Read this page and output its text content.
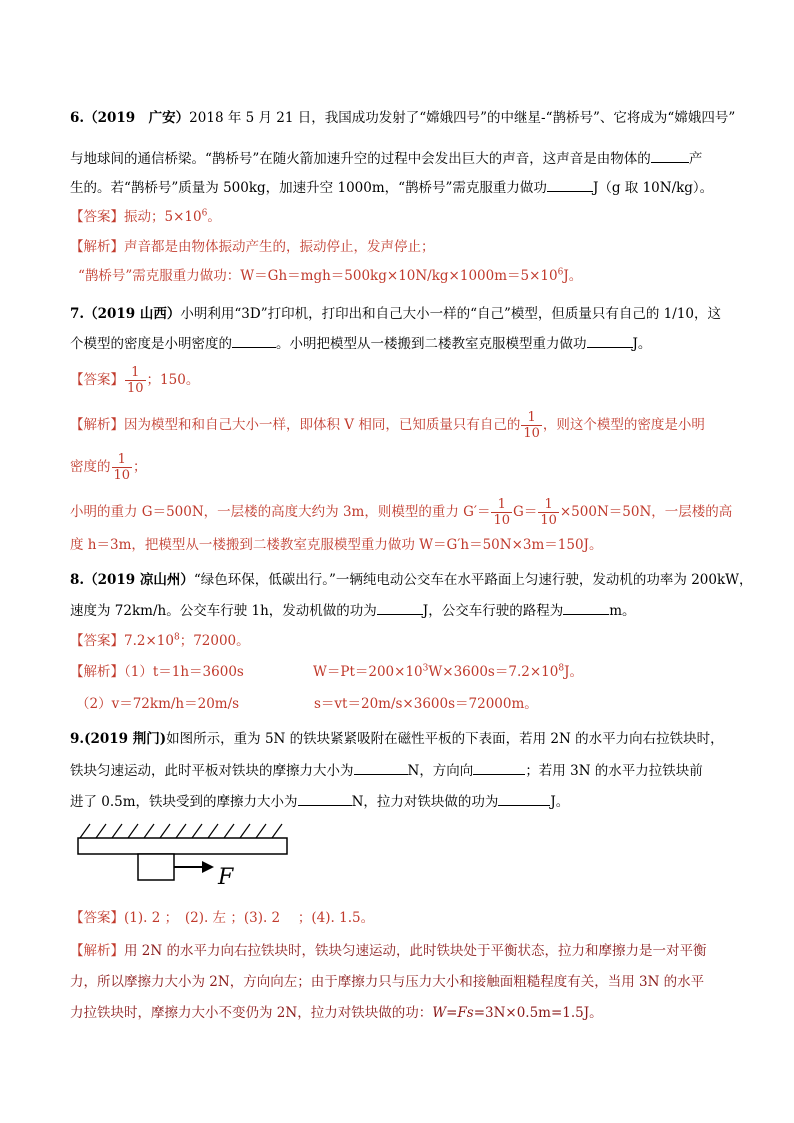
6.（2019　广安）2018 年 5 月 21 日，我国成功发射了“嫦娥四号”的中继星-“鹊桥号”、它将成为“嫦娥四号”
与地球间的通信桥梁。“鹊桥号”在随火箭加速升空的过程中会发出巨大的声音，这声音是由物体的	产
生的。若“鹊桥号”质量为 500kg，加速升空 1000m，“鹊桥号”需克服重力做功	J（g 取 10N/kg）。
【答案】振动；$5\times 10^6$。
【解析】声音都是由物体振动产生的，振动停止，发声停止；
“鹊桥号”需克服重力做功：$W=Gh=mgh=500kg\times 10N/kg\times 1000m=5\times 10^6J$。
7.（2019 山西）小明利用“3D”打印机，打印出和自己大小一样的“自己”模型，但质量只有自己的 1/10，这
个模型的密度是小明密度的	。小明把模型从一楼搬到二楼教室克服模型重力做功	J。
【答案】 $\frac{1}{10}$ ；150。
【解析】因为模型和和自己大小一样，即体积 V 相同，已知质量只有自己的 $\frac{1}{10}$ ，则这个模型的密度是小明
密度的 $\frac{1}{10}$ ；
小明的重力 G＝500N，一层楼的高度大约为 3m，则模型的重力 $G'= \frac{1}{10} G= \frac{1}{10} \times 500N=50N$，一层楼的高
度 h＝3m，把模型从一楼搬到二楼教室克服模型重力做功 W＝G′h＝50N×3m＝150J。
8.（2019 凉山州）“绿色环保，低碳出行。”一辆纯电动公交车在水平路面上匀速行驶，发动机的功率为 200kW，
速度为 72km/h。公交车行驶 1h，发动机做的功为	J，公交车行驶的路程为	m。
【答案】$7.2\times 10^8$；72000。
【解析】（1）t＝1h＝3600s	$W=Pt=200\times 10^3W\times 3600s=7.2\times 10^8J$。
（2）v＝72km/h＝20m/s	s＝vt＝20m/s×3600s＝72000m。
9.(2019 荆门)如图所示，重为 5N 的铁块紧紧吸附在磁性平板的下表面，若用 2N 的水平力向右拉铁块时，
铁块匀速运动，此时平板对铁块的摩擦力大小为	N，方向向	；若用 3N 的水平力拉铁块前
进了 0.5m，铁块受到的摩擦力大小为	N，拉力对铁块做的功为	J。
F
【答案】(1). 2 ；　(2). 左 ；(3). 2 　；(4). 1.5。
【解析】用 2N 的水平力向右拉铁块时，铁块匀速运动，此时铁块处于平衡状态，拉力和摩擦力是一对平衡
力，所以摩擦力大小为 2N，方向向左；由于摩擦力只与压力大小和接触面粗糙程度有关，当用 3N 的水平
力拉铁块时，摩擦力大小不变仍为 2N，拉力对铁块做的功：W=Fs=3N×0.5m=1.5J。
